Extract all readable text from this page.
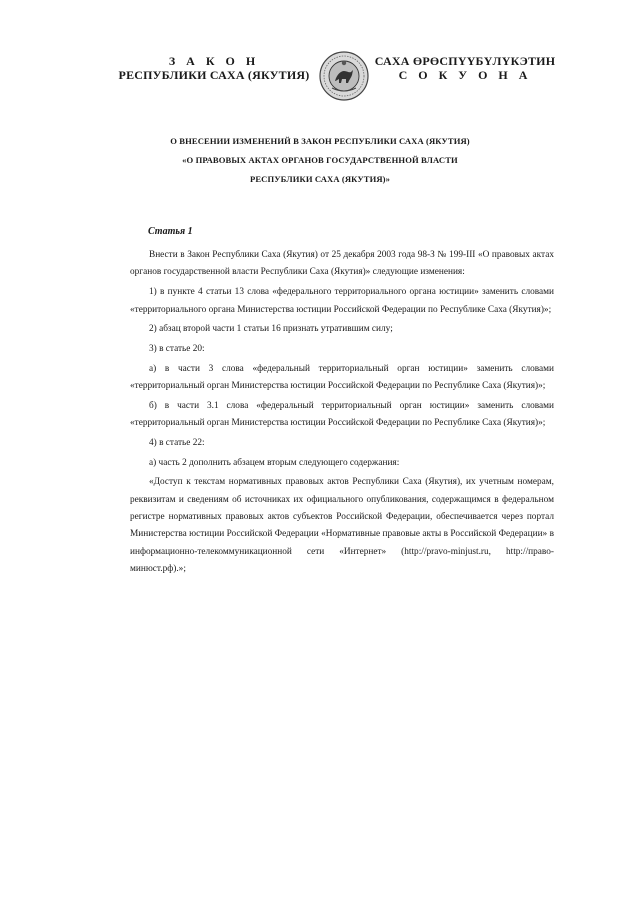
З А К О Н
РЕСПУБЛИКИ САХА (ЯКУТИЯ)
САХА ӨРӨСПҮҮБҮЛҮКЭТИН
С О К У О Н А
О ВНЕСЕНИИ ИЗМЕНЕНИЙ В ЗАКОН РЕСПУБЛИКИ САХА (ЯКУТИЯ)
«О ПРАВОВЫХ АКТАХ ОРГАНОВ ГОСУДАРСТВЕННОЙ ВЛАСТИ
РЕСПУБЛИКИ САХА (ЯКУТИЯ)»
Статья 1

Внести в Закон Республики Саха (Якутия) от 25 декабря 2003 года 98-З № 199-III «О правовых актах органов государственной власти Республики Саха (Якутия)» следующие изменения:

1) в пункте 4 статьи 13 слова «федерального территориального органа юстиции» заменить словами «территориального органа Министерства юстиции Российской Федерации по Республике Саха (Якутия)»;

2) абзац второй части 1 статьи 16 признать утратившим силу;

3) в статье 20:

а) в части 3 слова «федеральный территориальный орган юстиции» заменить словами «территориальный орган Министерства юстиции Российской Федерации по Республике Саха (Якутия)»;

б) в части 3.1 слова «федеральный территориальный орган юстиции» заменить словами «территориальный орган Министерства юстиции Российской Федерации по Республике Саха (Якутия)»;

4) в статье 22:

а) часть 2 дополнить абзацем вторым следующего содержания:

«Доступ к текстам нормативных правовых актов Республики Саха (Якутия), их учетным номерам, реквизитам и сведениям об источниках их официального опубликования, содержащимся в федеральном регистре нормативных правовых актов субъектов Российской Федерации, обеспечивается через портал Министерства юстиции Российской Федерации «Нормативные правовые акты в Российской Федерации» в информационно-телекоммуникационной сети «Интернет» (http://pravo-minjust.ru, http://право-минюст.рф).»;
